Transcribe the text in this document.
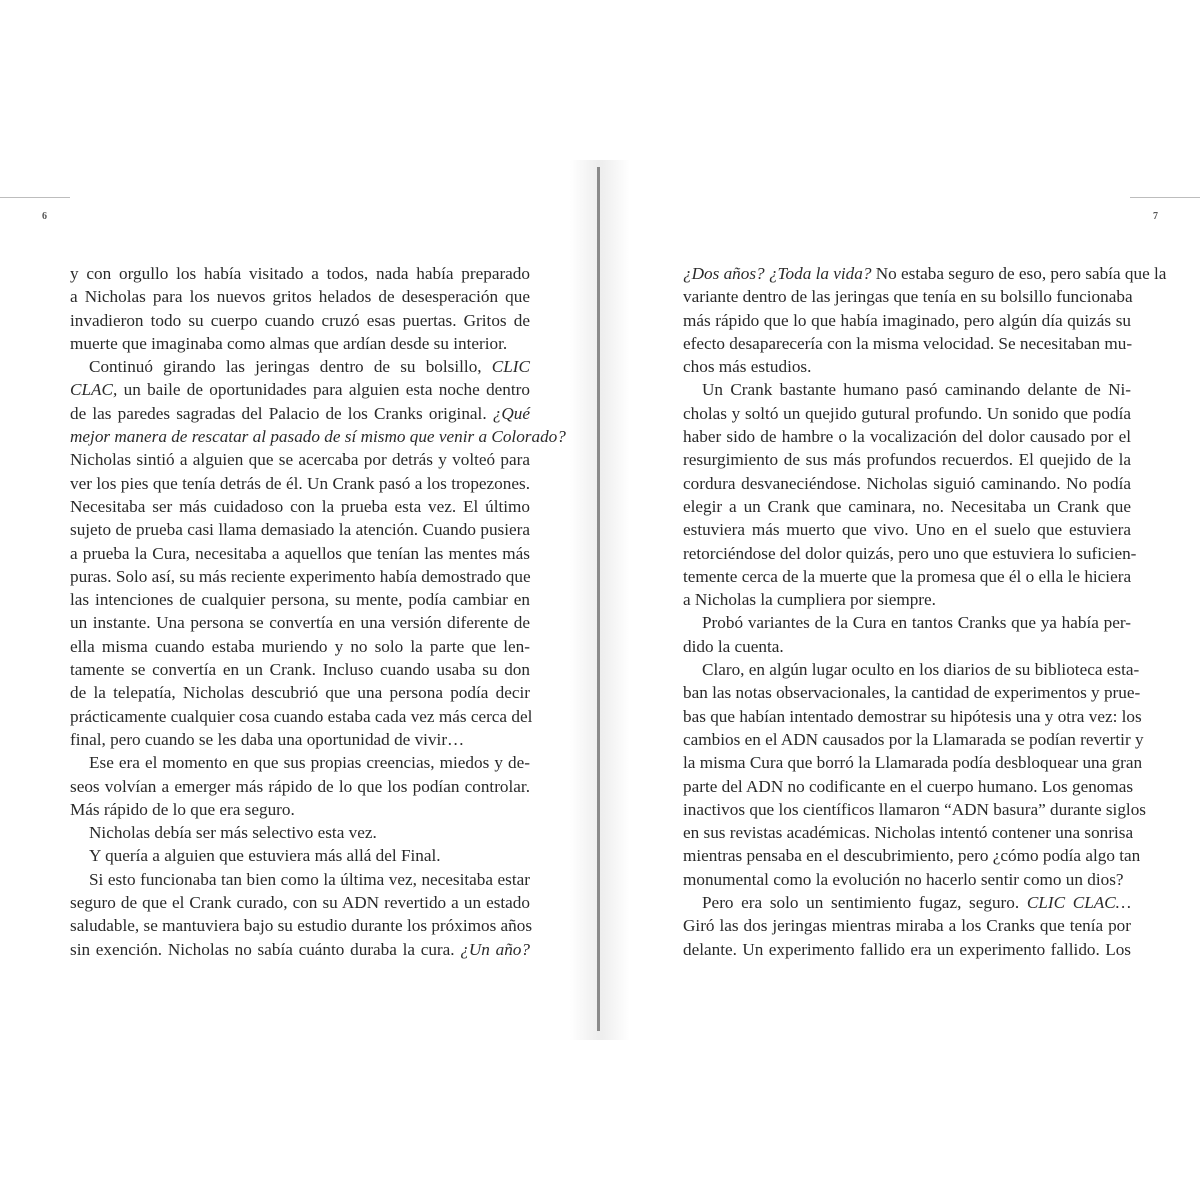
6	7
y con orgullo los había visitado a todos, nada había preparado
a Nicholas para los nuevos gritos helados de desesperación que
invadieron todo su cuerpo cuando cruzó esas puertas. Gritos de
muerte que imaginaba como almas que ardían desde su interior.
Continuó girando las jeringas dentro de su bolsillo, CLIC
CLAC, un baile de oportunidades para alguien esta noche dentro
de las paredes sagradas del Palacio de los Cranks original. ¿Qué
mejor manera de rescatar al pasado de sí mismo que venir a Colorado?
Nicholas sintió a alguien que se acercaba por detrás y volteó para
ver los pies que tenía detrás de él. Un Crank pasó a los tropezones.
Necesitaba ser más cuidadoso con la prueba esta vez. El último
sujeto de prueba casi llama demasiado la atención. Cuando pusiera
a prueba la Cura, necesitaba a aquellos que tenían las mentes más
puras. Solo así, su más reciente experimento había demostrado que
las intenciones de cualquier persona, su mente, podía cambiar en
un instante. Una persona se convertía en una versión diferente de
ella misma cuando estaba muriendo y no solo la parte que len-
tamente se convertía en un Crank. Incluso cuando usaba su don
de la telepatía, Nicholas descubrió que una persona podía decir
prácticamente cualquier cosa cuando estaba cada vez más cerca del
final, pero cuando se les daba una oportunidad de vivir…
Ese era el momento en que sus propias creencias, miedos y de-
seos volvían a emerger más rápido de lo que los podían controlar.
Más rápido de lo que era seguro.
Nicholas debía ser más selectivo esta vez.
Y quería a alguien que estuviera más allá del Final.
Si esto funcionaba tan bien como la última vez, necesitaba estar
seguro de que el Crank curado, con su ADN revertido a un estado
saludable, se mantuviera bajo su estudio durante los próximos años
sin exención. Nicholas no sabía cuánto duraba la cura. ¿Un año?
¿Dos años? ¿Toda la vida? No estaba seguro de eso, pero sabía que la
variante dentro de las jeringas que tenía en su bolsillo funcionaba
más rápido que lo que había imaginado, pero algún día quizás su
efecto desaparecería con la misma velocidad. Se necesitaban mu-
chos más estudios.
Un Crank bastante humano pasó caminando delante de Ni-
cholas y soltó un quejido gutural profundo. Un sonido que podía
haber sido de hambre o la vocalización del dolor causado por el
resurgimiento de sus más profundos recuerdos. El quejido de la
cordura desvaneciéndose. Nicholas siguió caminando. No podía
elegir a un Crank que caminara, no. Necesitaba un Crank que
estuviera más muerto que vivo. Uno en el suelo que estuviera
retorciéndose del dolor quizás, pero uno que estuviera lo suficien-
temente cerca de la muerte que la promesa que él o ella le hiciera
a Nicholas la cumpliera por siempre.
Probó variantes de la Cura en tantos Cranks que ya había per-
dido la cuenta.
Claro, en algún lugar oculto en los diarios de su biblioteca esta-
ban las notas observacionales, la cantidad de experimentos y prue-
bas que habían intentado demostrar su hipótesis una y otra vez: los
cambios en el ADN causados por la Llamarada se podían revertir y
la misma Cura que borró la Llamarada podía desbloquear una gran
parte del ADN no codificante en el cuerpo humano. Los genomas
inactivos que los científicos llamaron “ADN basura” durante siglos
en sus revistas académicas. Nicholas intentó contener una sonrisa
mientras pensaba en el descubrimiento, pero ¿cómo podía algo tan
monumental como la evolución no hacerlo sentir como un dios?
Pero era solo un sentimiento fugaz, seguro. CLIC CLAC…
Giró las dos jeringas mientras miraba a los Cranks que tenía por
delante. Un experimento fallido era un experimento fallido. Los
